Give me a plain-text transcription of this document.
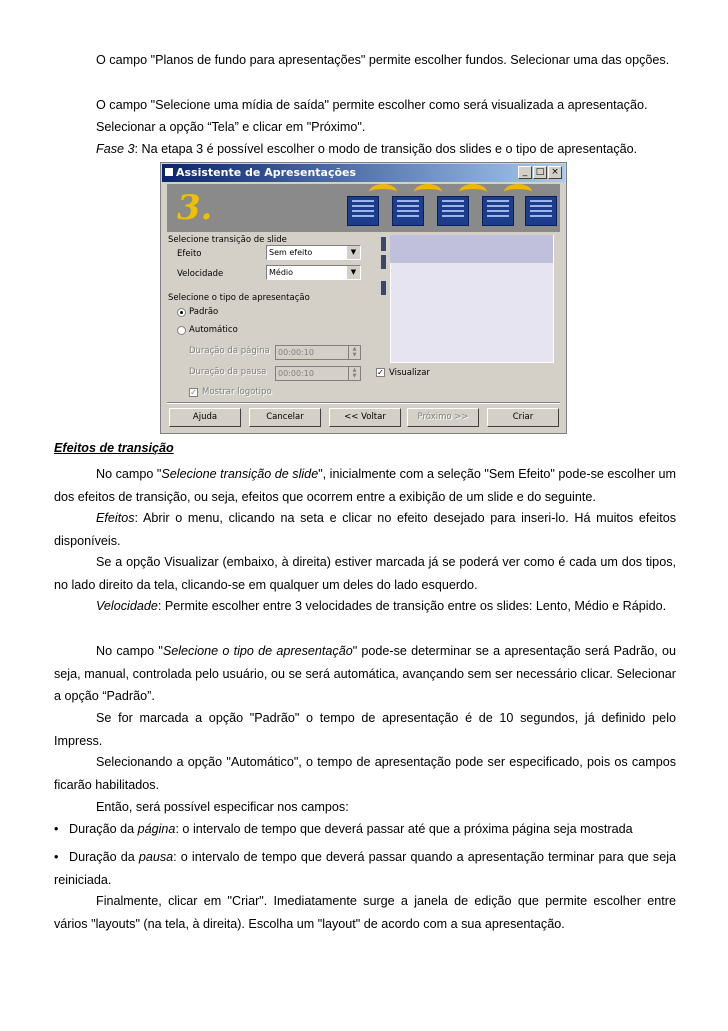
O campo "Planos de fundo para apresentações" permite escolher fundos. Selecionar uma das opções.
O campo "Selecione uma mídia de saída" permite escolher como será visualizada a apresentação.
Selecionar a opção “Tela” e clicar em "Próximo".
Fase 3: Na etapa 3 é possível escolher o modo de transição dos slides e o tipo de apresentação.
Assistente de Apresentações	_ □ ×
3.
Selecione transição de slide
Efeito	Sem efeito	▼
Velocidade	Médio	▼
Selecione o tipo de apresentação
Padrão
Automático
Duração da página	00:00:10	▲
▼
Duração da pausa	00:00:10	▲
▼
✓ Mostrar logotipo
✓ Visualizar
Ajuda	Cancelar	<< Voltar	Próximo >>	Criar
Efeitos de transição
No campo "Selecione transição de slide", inicialmente com a seleção "Sem Efeito" pode-se escolher um dos efeitos de transição, ou seja, efeitos que ocorrem entre a exibição de um slide e do seguinte.
Efeitos: Abrir o menu, clicando na seta e clicar no efeito desejado para inseri-lo. Há muitos efeitos disponíveis.
Se a opção Visualizar (embaixo, à direita) estiver marcada já se poderá ver como é cada um dos tipos, no lado direito da tela, clicando-se em qualquer um deles do lado esquerdo.
Velocidade: Permite escolher entre 3 velocidades de transição entre os slides: Lento, Médio e Rápido.
No campo "Selecione o tipo de apresentação" pode-se determinar se a apresentação será Padrão, ou seja, manual, controlada pelo usuário, ou se será automática, avançando sem ser necessário clicar. Selecionar a opção “Padrão”.
Se for marcada a opção "Padrão" o tempo de apresentação é de 10 segundos, já definido pelo Impress.
Selecionando a opção "Automático", o tempo de apresentação pode ser especificado, pois os campos ficarão habilitados.
Então, será possível especificar nos campos:
• Duração da página: o intervalo de tempo que deverá passar até que a próxima página seja mostrada
• Duração da pausa: o intervalo de tempo que deverá passar quando a apresentação terminar para que seja reiniciada.
Finalmente, clicar em "Criar". Imediatamente surge a janela de edição que permite escolher entre vários "layouts" (na tela, à direita). Escolha um "layout" de acordo com a sua apresentação.
